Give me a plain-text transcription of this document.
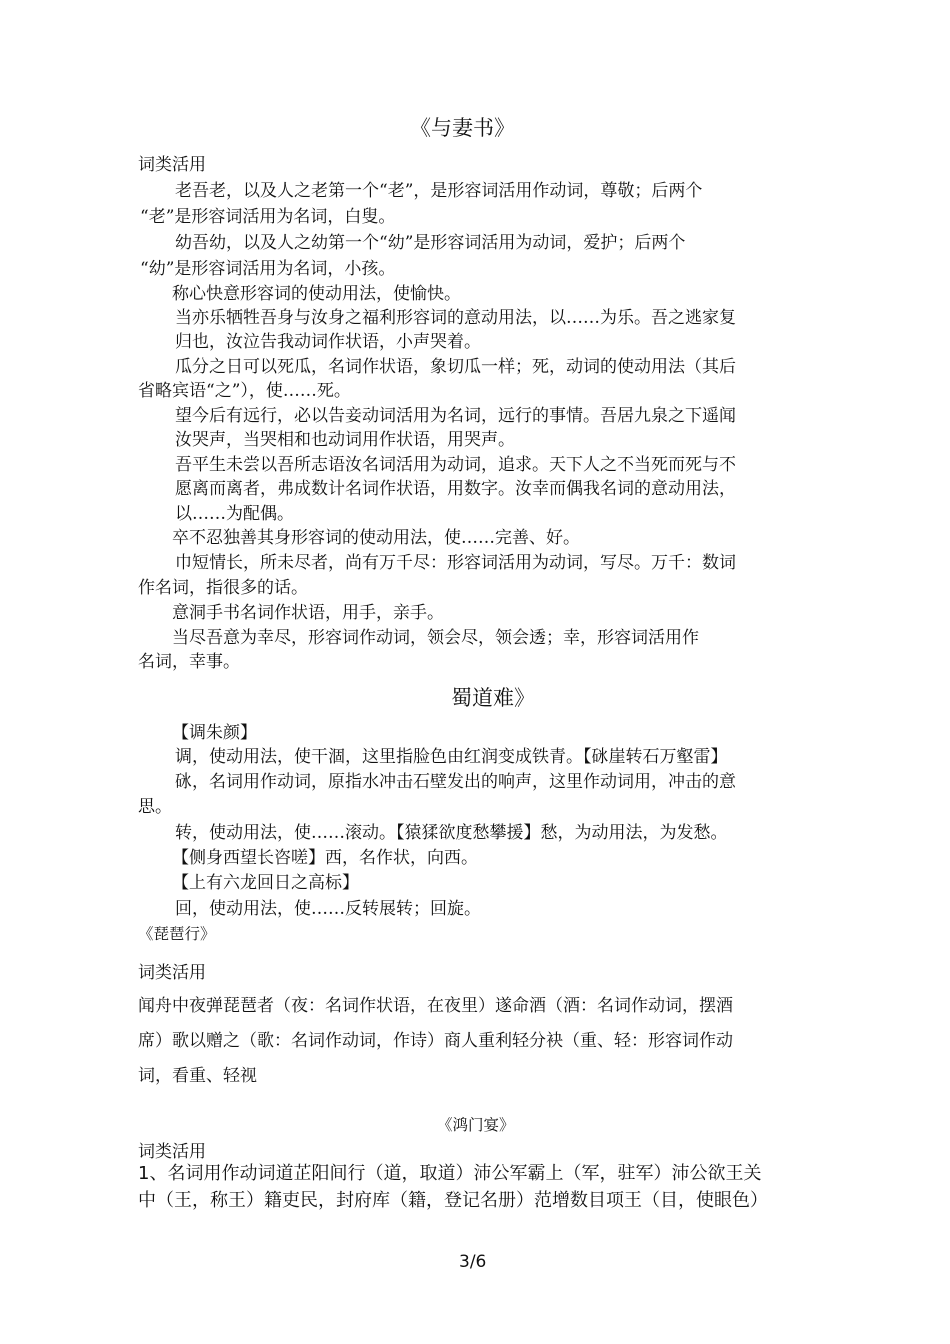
《与妻书》
词类活用
老吾老，以及人之老第一个“老”，是形容词活用作动词，尊敬；后两个
“老”是形容词活用为名词，白叟。
幼吾幼，以及人之幼第一个“幼”是形容词活用为动词，爱护；后两个
“幼”是形容词活用为名词，小孩。
称心快意形容词的使动用法，使愉快。
当亦乐牺牲吾身与汝身之福利形容词的意动用法，以……为乐。吾之逃家复
归也，汝泣告我动词作状语，小声哭着。
瓜分之日可以死瓜，名词作状语，象切瓜一样；死，动词的使动用法（其后
省略宾语“之”），使……死。
望今后有远行，必以告妾动词活用为名词，远行的事情。吾居九泉之下遥闻
汝哭声，当哭相和也动词用作状语，用哭声。
吾平生未尝以吾所志语汝名词活用为动词，追求。天下人之不当死而死与不
愿离而离者，弗成数计名词作状语，用数字。汝幸而偶我名词的意动用法，
以……为配偶。
卒不忍独善其身形容词的使动用法，使……完善、好。
巾短情长，所未尽者，尚有万千尽：形容词活用为动词，写尽。万千：数词
作名词，指很多的话。
意洞手书名词作状语，用手，亲手。
当尽吾意为幸尽，形容词作动词，领会尽，领会透；幸，形容词活用作
名词，幸事。
蜀道难》
【调朱颜】
调，使动用法，使干涸，这里指脸色由红润变成铁青。【砯崖转石万壑雷】
砯，名词用作动词，原指水冲击石壁发出的响声，这里作动词用，冲击的意
思。
转，使动用法，使……滚动。【猿猱欲度愁攀援】愁，为动用法，为发愁。
【侧身西望长咨嗟】西，名作状，向西。
【上有六龙回日之高标】
回，使动用法，使……反转展转；回旋。
《琵琶行》
词类活用
闻舟中夜弹琵琶者（夜：名词作状语，在夜里）遂命酒（酒：名词作动词，摆酒
席）歌以赠之（歌：名词作动词，作诗）商人重利轻分袂（重、轻：形容词作动
词，看重、轻视
《鸿门宴》
词类活用
1、名词用作动词道芷阳间行（道，取道）沛公军霸上（军，驻军）沛公欲王关
中（王，称王）籍吏民，封府库（籍，登记名册）范增数目项王（目，使眼色）
3/6
